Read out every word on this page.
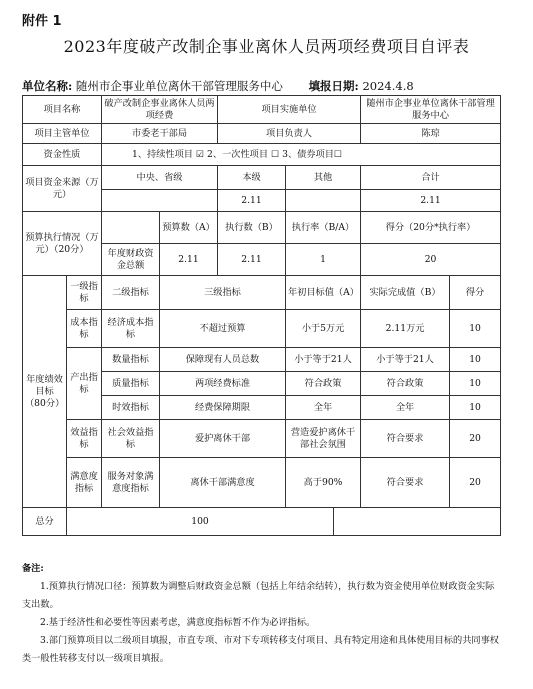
附件 1
2023年度破产改制企事业离休人员两项经费项目自评表
单位名称: 随州市企事业单位离休干部管理服务中心 填报日期: 2024.4.8
项目名称		破产改制企事业离休人员两项经费		项目实施单位			随州市企事业单位离休干部管理服务中心	
项目主管单位		市委老干部局		项目负责人			陈琼	
资金性质		1、持续性项目 ☑ 2、一次性项目 ☐ 3、债券项目☐						
项目资金来源（万元）		中央、省级		本级	其他		合计	
				2.11			2.11	
预算执行情况（万元）（20分）			预算数（A）	执行数（B）	执行率（B/A）		得分（20分*执行率）	
		年度财政资金总额	2.11	2.11	1		20	
年度绩效目标（80分）	一级指标	二级指标	三级指标		年初目标值（A）		实际完成值（B）	得分
	成本指标	经济成本指标	不超过预算		小于5万元		2.11万元	10
	产出指标	数量指标	保障现有人员总数		小于等于21人		小于等于21人	10
		质量指标	两项经费标准		符合政策		符合政策	10
		时效指标	经费保障期限		全年		全年	10
	效益指标	社会效益指标	爱护离休干部		营造爱护离休干部社会氛围		符合要求	20
	满意度指标	服务对象满意度指标	离休干部满意度		高于90%		符合要求	20
总分	100							
备注:

1.预算执行情况口径：预算数为调整后财政资金总额（包括上年结余结转），执行数为资金使用单位财政资金实际支出数。

2.基于经济性和必要性等因素考虑，满意度指标暂不作为必评指标。

3.部门预算项目以二级项目填报，市直专项、市对下专项转移支付项目、具有特定用途和具体使用目标的共同事权类一般性转移支付以一级项目填报。
